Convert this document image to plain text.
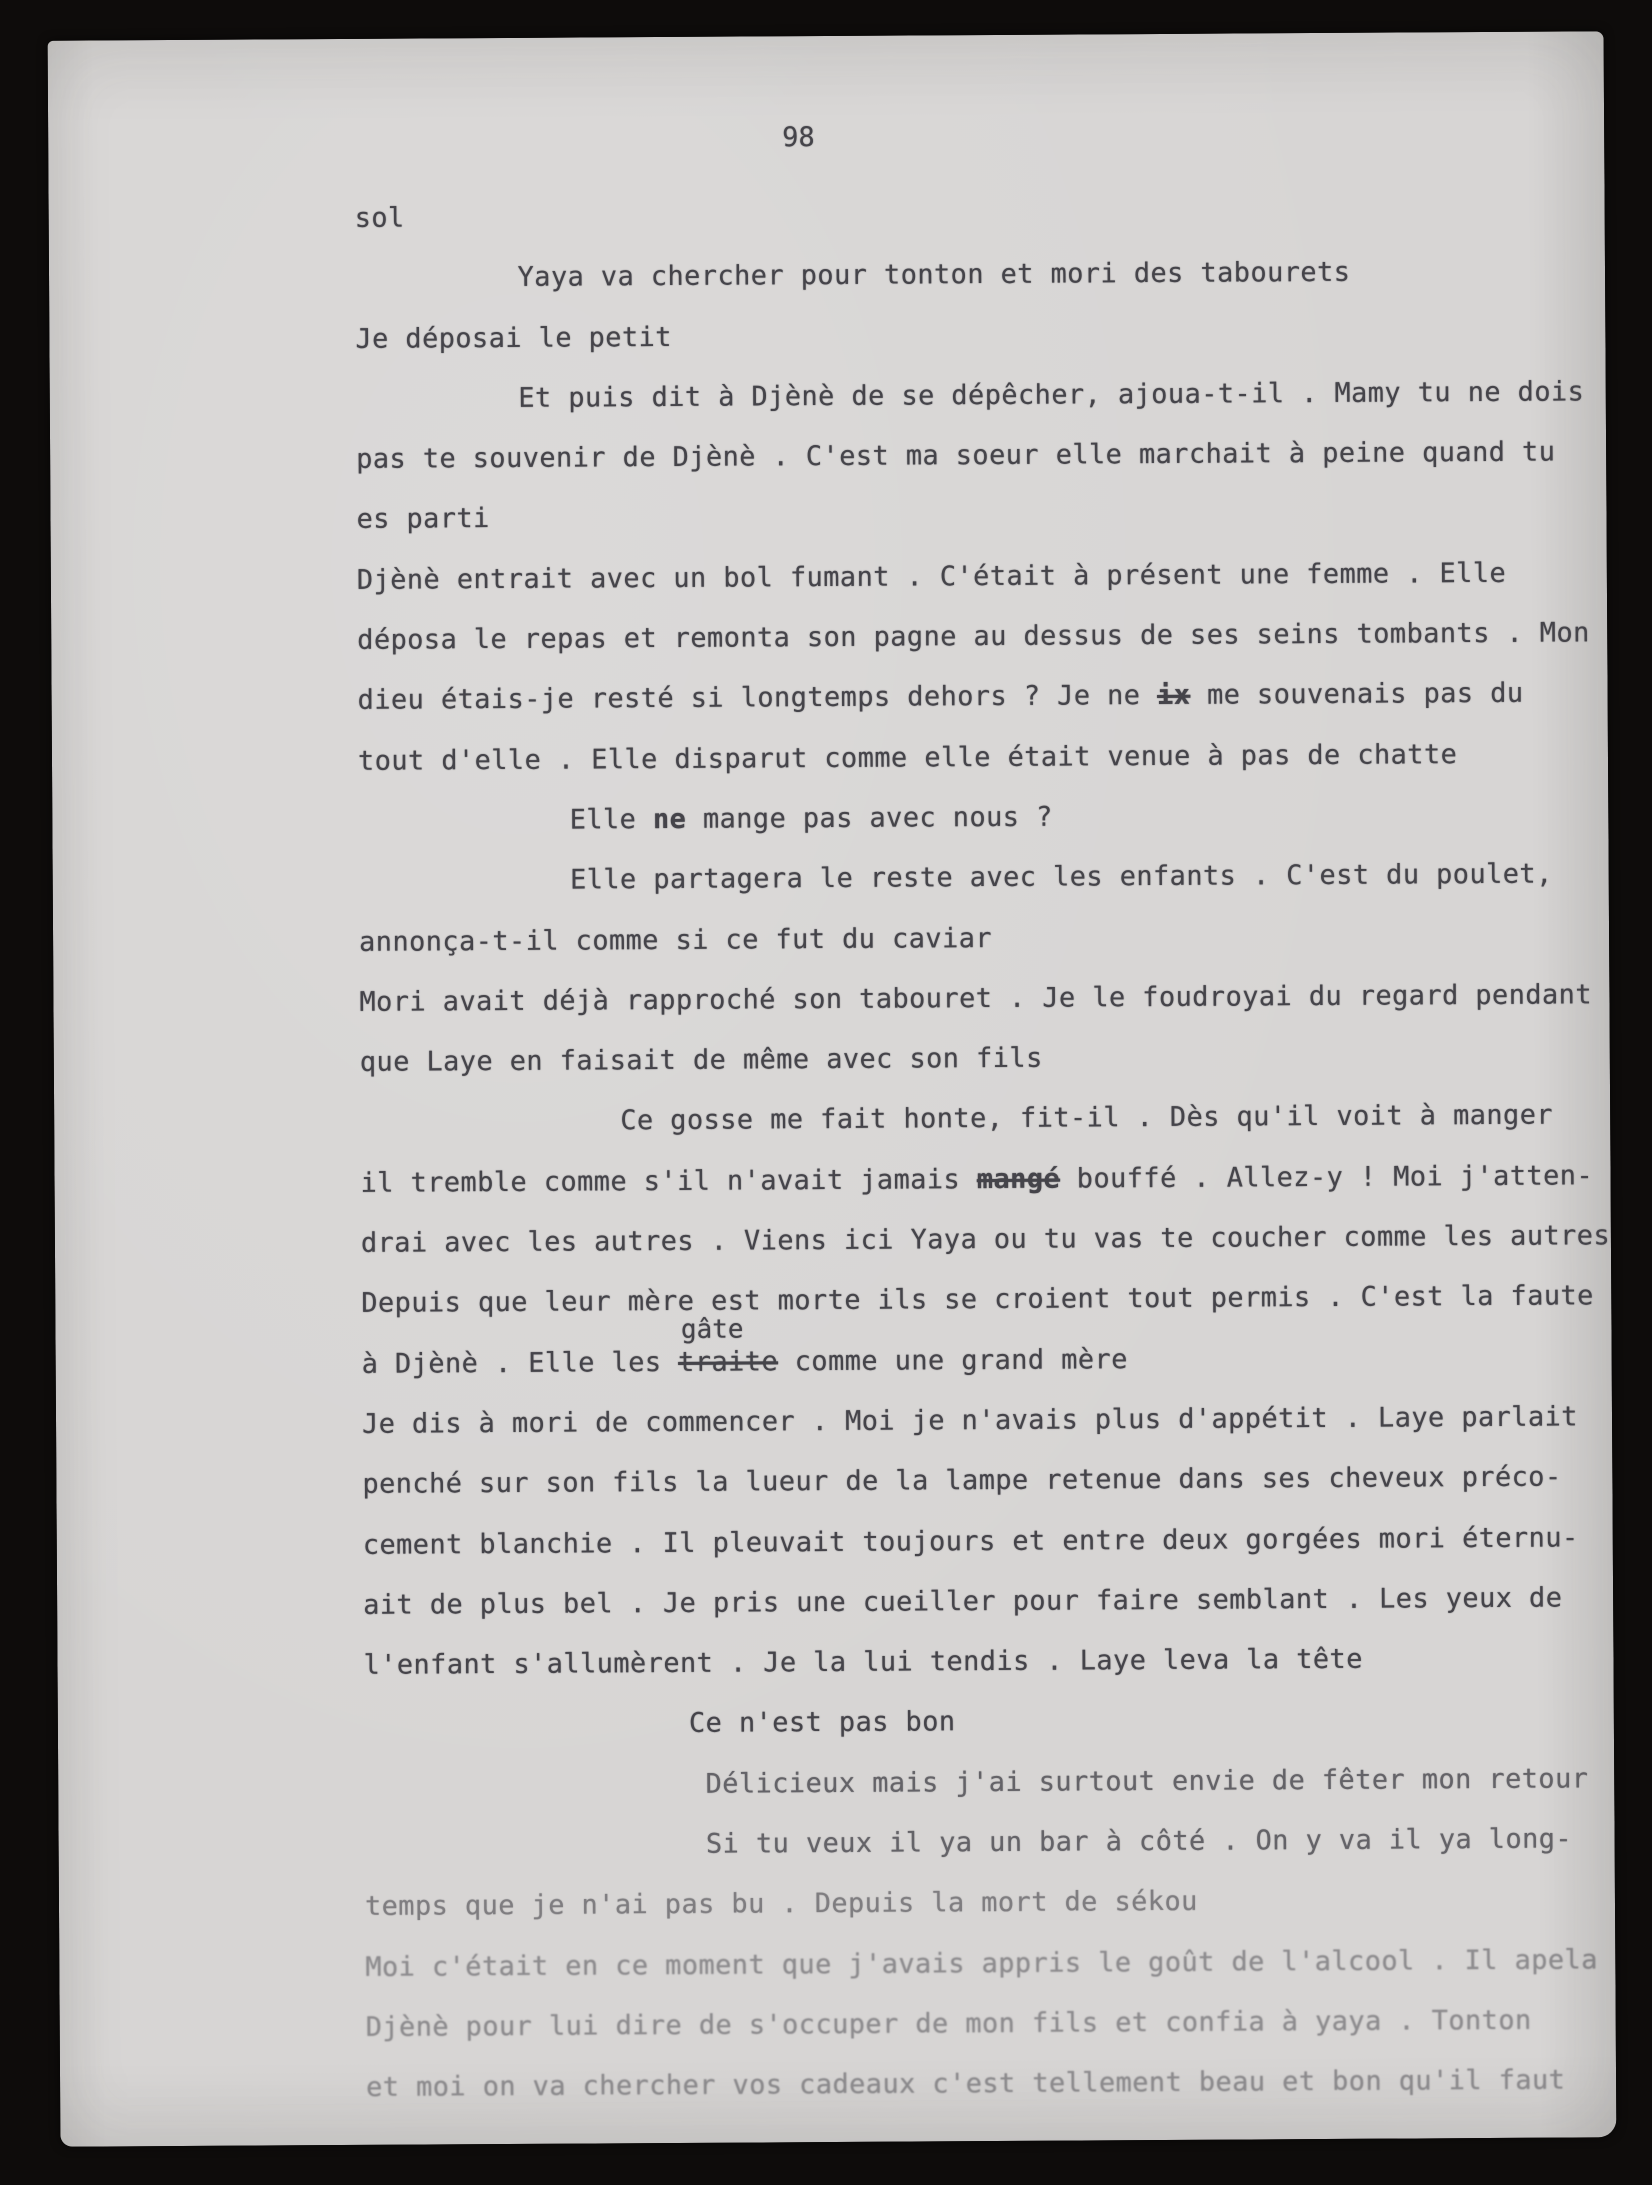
98
sol
Yaya va chercher pour tonton et mori des tabourets
Je déposai le petit
Et puis dit à Djènè de se dépêcher, ajoua-t-il . Mamy tu ne dois
pas te souvenir de Djènè . C'est ma soeur elle marchait à peine quand tu
es parti
Djènè entrait avec un bol fumant . C'était à présent une femme . Elle
déposa le repas et remonta son pagne au dessus de ses seins tombants . Mon
dieu étais-je resté si longtemps dehors ? Je ne ix me souvenais pas du
tout d'elle . Elle disparut comme elle était venue à pas de chatte
Elle ne mange pas avec nous ?
Elle partagera le reste avec les enfants . C'est du poulet,
annonça-t-il comme si ce fut du caviar
Mori avait déjà rapproché son tabouret . Je le foudroyai du regard pendant
que Laye en faisait de même avec son fils
Ce gosse me fait honte, fit-il . Dès qu'il voit à manger
il tremble comme s'il n'avait jamais mangé bouffé . Allez-y ! Moi j'atten-
drai avec les autres . Viens ici Yaya ou tu vas te coucher comme les autres
Depuis que leur mère est morte ils se croient tout permis . C'est la faute
à Djènè . Elle les traite
gâte
comme une grand mère
Je dis à mori de commencer . Moi je n'avais plus d'appétit . Laye parlait
penché sur son fils la lueur de la lampe retenue dans ses cheveux préco-
cement blanchie . Il pleuvait toujours et entre deux gorgées mori éternu-
ait de plus bel . Je pris une cueiller pour faire semblant . Les yeux de
l'enfant s'allumèrent . Je la lui tendis . Laye leva la tête
Ce n'est pas bon
Délicieux mais j'ai surtout envie de fêter mon retour
Si tu veux il ya un bar à côté . On y va il ya long-
temps que je n'ai pas bu . Depuis la mort de sékou
Moi c'était en ce moment que j'avais appris le goût de l'alcool . Il apela
Djènè pour lui dire de s'occuper de mon fils et confia à yaya . Tonton
et moi on va chercher vos cadeaux c'est tellement beau et bon qu'il faut
